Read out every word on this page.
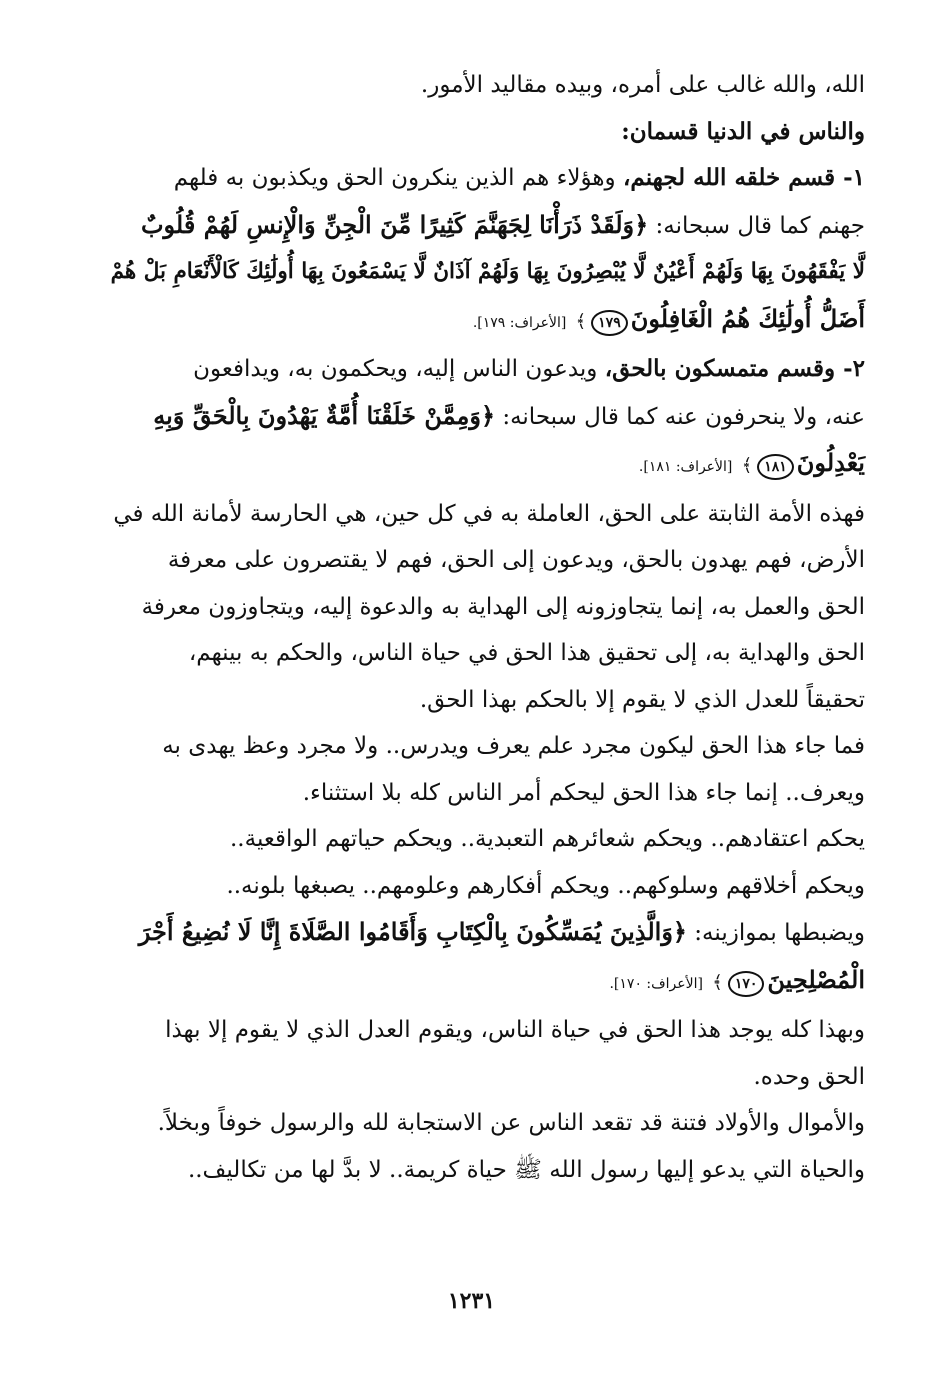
الله، والله غالب على أمره، وبيده مقاليد الأمور.

والناس في الدنيا قسمان:

١- قسم خلقه الله لجهنم، وهؤلاء هم الذين ينكرون الحق ويكذبون به فلهم
جهنم كما قال سبحانه: ﴿وَلَقَدْ ذَرَأْنَا لِجَهَنَّمَ كَثِيرًا مِّنَ الْجِنِّ وَالْإِنسِ لَهُمْ قُلُوبٌ
لَّا يَفْقَهُونَ بِهَا وَلَهُمْ أَعْيُنٌ لَّا يُبْصِرُونَ بِهَا وَلَهُمْ آذَانٌ لَّا يَسْمَعُونَ بِهَا أُولَٰئِكَ كَالْأَنْعَامِ بَلْ هُمْ
أَضَلُّ أُولَٰئِكَ هُمُ الْغَافِلُونَ١٧٩﴾ [الأعراف: ١٧٩].

٢- وقسم متمسكون بالحق، ويدعون الناس إليه، ويحكمون به، ويدافعون
عنه، ولا ينحرفون عنه كما قال سبحانه: ﴿وَمِمَّنْ خَلَقْنَا أُمَّةٌ يَهْدُونَ بِالْحَقِّ وَبِهِ
يَعْدِلُونَ١٨١﴾ [الأعراف: ١٨١].

فهذه الأمة الثابتة على الحق، العاملة به في كل حين، هي الحارسة لأمانة الله في
الأرض، فهم يهدون بالحق، ويدعون إلى الحق، فهم لا يقتصرون على معرفة
الحق والعمل به، إنما يتجاوزونه إلى الهداية به والدعوة إليه، ويتجاوزون معرفة
الحق والهداية به، إلى تحقيق هذا الحق في حياة الناس، والحكم به بينهم،
تحقيقاً للعدل الذي لا يقوم إلا بالحكم بهذا الحق.

فما جاء هذا الحق ليكون مجرد علم يعرف ويدرس.. ولا مجرد وعظ يهدى به
ويعرف.. إنما جاء هذا الحق ليحكم أمر الناس كله بلا استثناء.

يحكم اعتقادهم.. ويحكم شعائرهم التعبدية.. ويحكم حياتهم الواقعية..
ويحكم أخلاقهم وسلوكهم.. ويحكم أفكارهم وعلومهم.. يصبغها بلونه..
ويضبطها بموازينه: ﴿وَالَّذِينَ يُمَسِّكُونَ بِالْكِتَابِ وَأَقَامُوا الصَّلَاةَ إِنَّا لَا نُضِيعُ أَجْرَ
الْمُصْلِحِينَ١٧٠﴾ [الأعراف: ١٧٠].

وبهذا كله يوجد هذا الحق في حياة الناس، ويقوم العدل الذي لا يقوم إلا بهذا
الحق وحده.

والأموال والأولاد فتنة قد تقعد الناس عن الاستجابة لله والرسول خوفاً وبخلاً.

والحياة التي يدعو إليها رسول الله ﷺ حياة كريمة.. لا بدَّ لها من تكاليف..

١٢٣١
